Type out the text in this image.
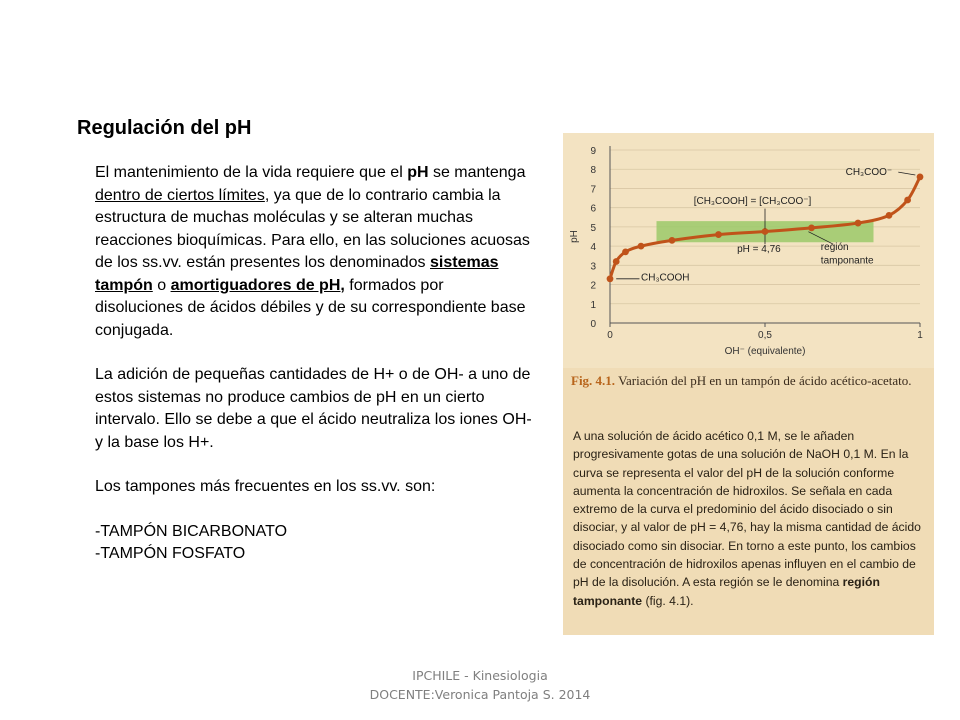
Regulación del pH

El mantenimiento de la vida requiere que el pH se mantenga dentro de ciertos límites, ya que de lo contrario cambia la estructura de muchas moléculas y se alteran muchas reacciones bioquímicas. Para ello, en las soluciones acuosas de los ss.vv. están presentes los denominados sistemas tampón o amortiguadores de pH, formados por disoluciones de ácidos débiles y de su correspondiente base conjugada.

La adición de pequeñas cantidades de H+ o de OH- a uno de estos sistemas no produce cambios de pH en un cierto intervalo. Ello se debe a que el ácido neutraliza los iones OH- y la base los H+.

Los tampones más frecuentes en los ss.vv. son:

-TAMPÓN BICARBONATO

-TAMPÓN FOSFATO

0
1
2
3
4
5
6
7
8
9
0	0,5	1
OH⁻ (equivalente)
pH
CH₃COO⁻
[CH₃COOH] = [CH₃COO⁻]
pH = 4,76	región
tamponante
CH₃COOH
Fig. 4.1. Variación del pH en un tampón de ácido acético-acetato.
A una solución de ácido acético 0,1 M, se le añaden progresivamente gotas de una solución de NaOH 0,1 M. En la curva se representa el valor del pH de la solución conforme aumenta la concentración de hidroxilos. Se señala en cada extremo de la curva el predominio del ácido disociado o sin disociar, y al valor de pH = 4,76, hay la misma cantidad de ácido disociado como sin disociar. En torno a este punto, los cambios de concentración de hidroxilos apenas influyen en el cambio de pH de la disolución. A esta región se le denomina región tamponante (fig. 4.1).
IPCHILE - Kinesiologia
DOCENTE:Veronica Pantoja S. 2014
